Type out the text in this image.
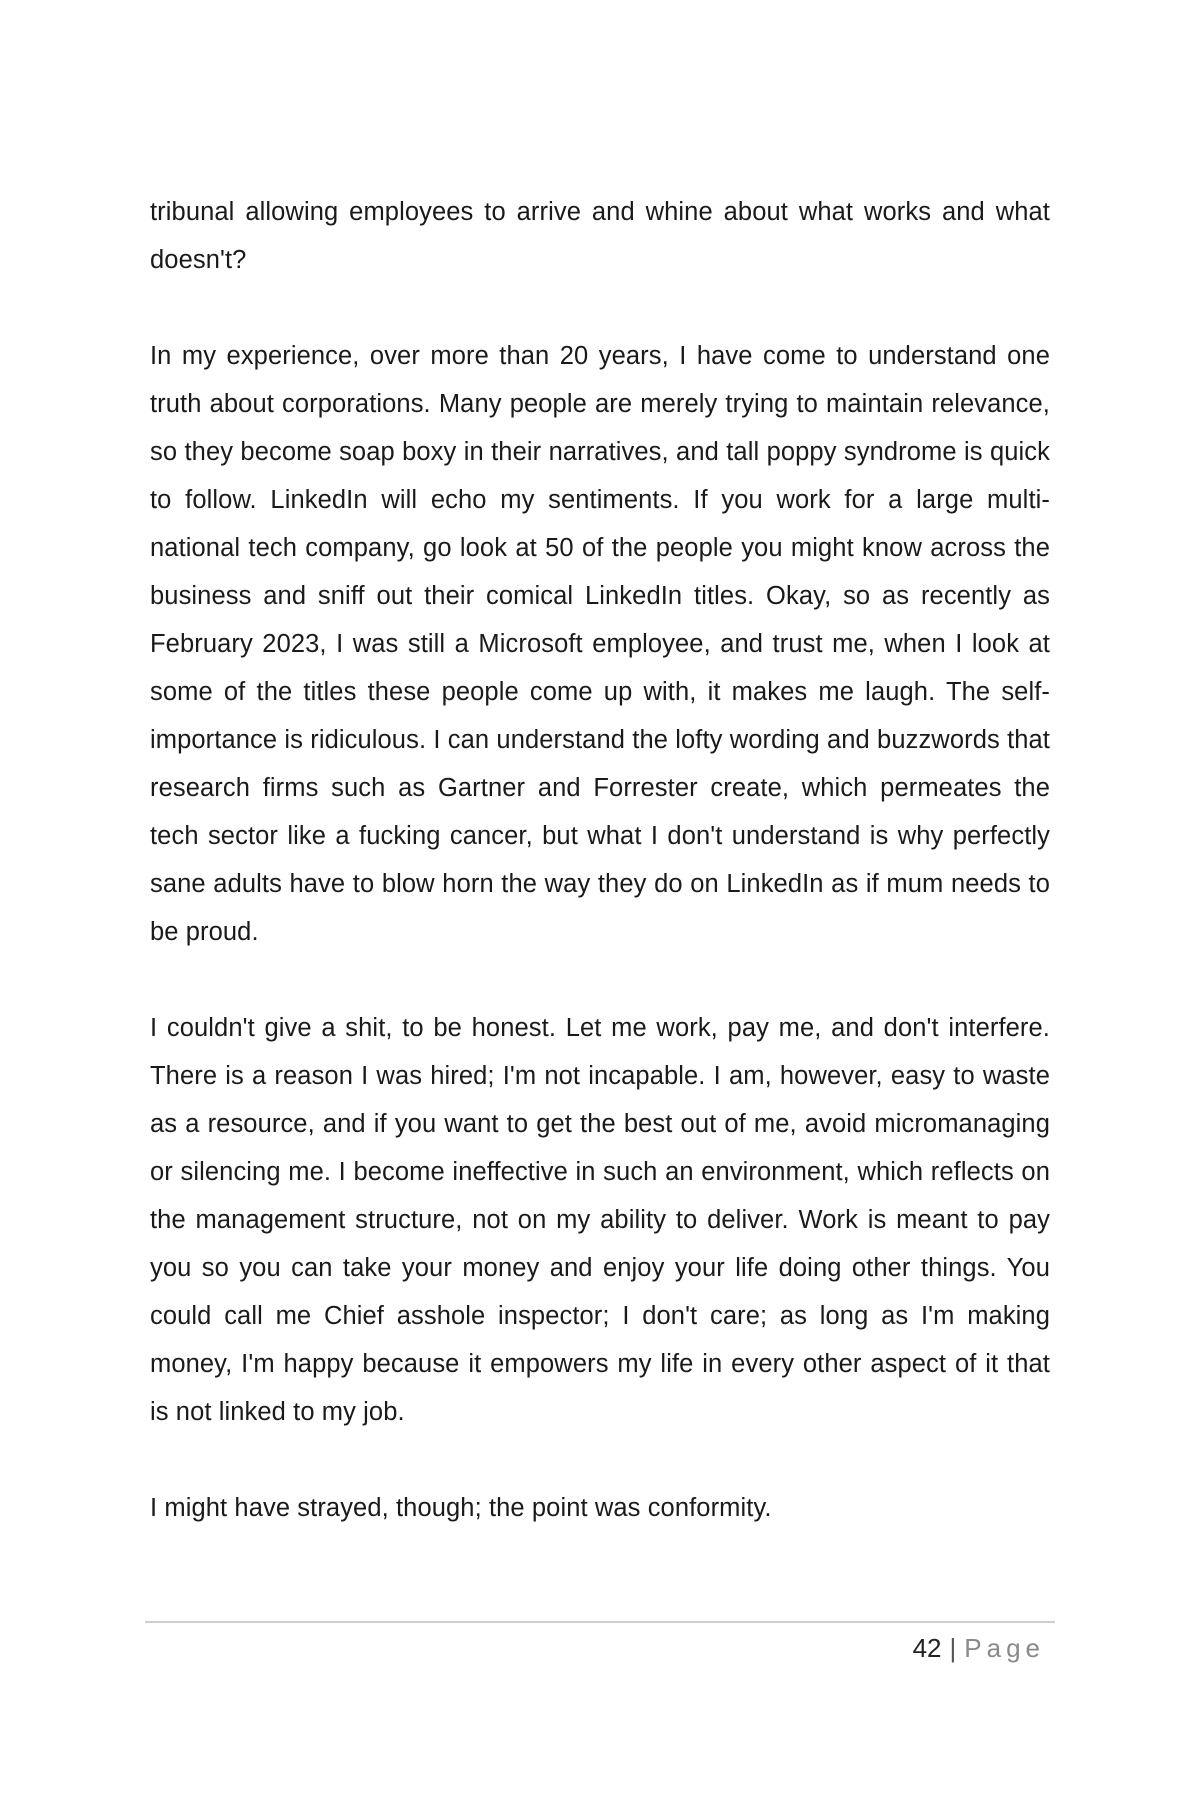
tribunal allowing employees to arrive and whine about what works and what doesn't?

In my experience, over more than 20 years, I have come to understand one truth about corporations. Many people are merely trying to maintain relevance, so they become soap boxy in their narratives, and tall poppy syndrome is quick to follow. LinkedIn will echo my sentiments. If you work for a large multi-national tech company, go look at 50 of the people you might know across the business and sniff out their comical LinkedIn titles. Okay, so as recently as February 2023, I was still a Microsoft employee, and trust me, when I look at some of the titles these people come up with, it makes me laugh. The self-importance is ridiculous. I can understand the lofty wording and buzzwords that research firms such as Gartner and Forrester create, which permeates the tech sector like a fucking cancer, but what I don't understand is why perfectly sane adults have to blow horn the way they do on LinkedIn as if mum needs to be proud.

I couldn't give a shit, to be honest. Let me work, pay me, and don't interfere. There is a reason I was hired; I'm not incapable. I am, however, easy to waste as a resource, and if you want to get the best out of me, avoid micromanaging or silencing me. I become ineffective in such an environment, which reflects on the management structure, not on my ability to deliver. Work is meant to pay you so you can take your money and enjoy your life doing other things. You could call me Chief asshole inspector; I don't care; as long as I'm making money, I'm happy because it empowers my life in every other aspect of it that is not linked to my job.

I might have strayed, though; the point was conformity.

42 | Page
